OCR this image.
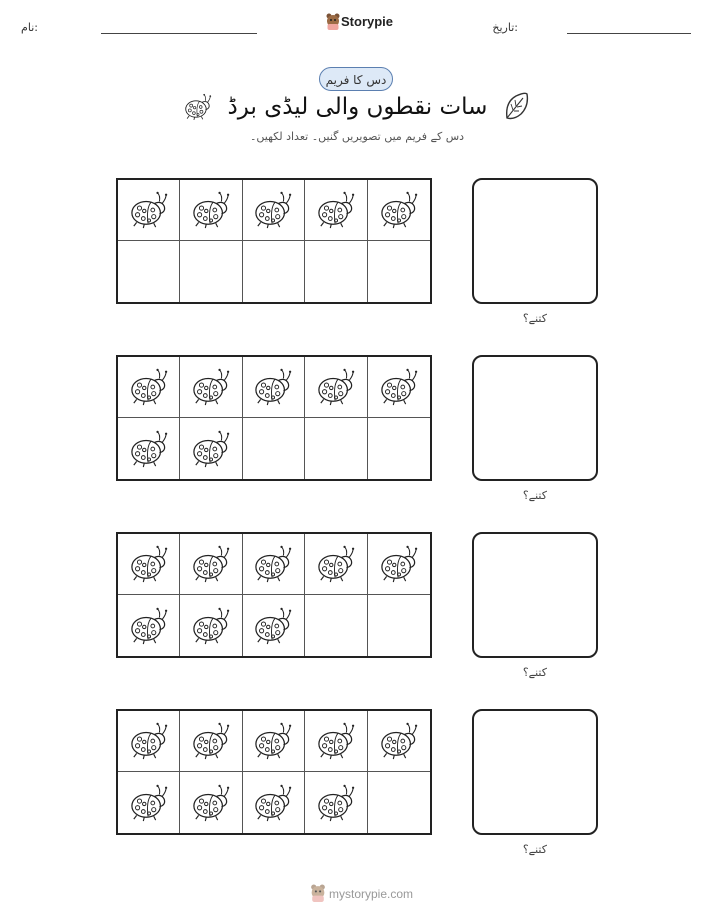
نام:	Storypie	تاریخ:
دس کا فریم
سات نقطوں والی لیڈی برڈ
دس کے فریم میں تصویریں گنیں۔ تعداد لکھیں۔
کتنے؟
کتنے؟
کتنے؟
کتنے؟
mystorypie.com
